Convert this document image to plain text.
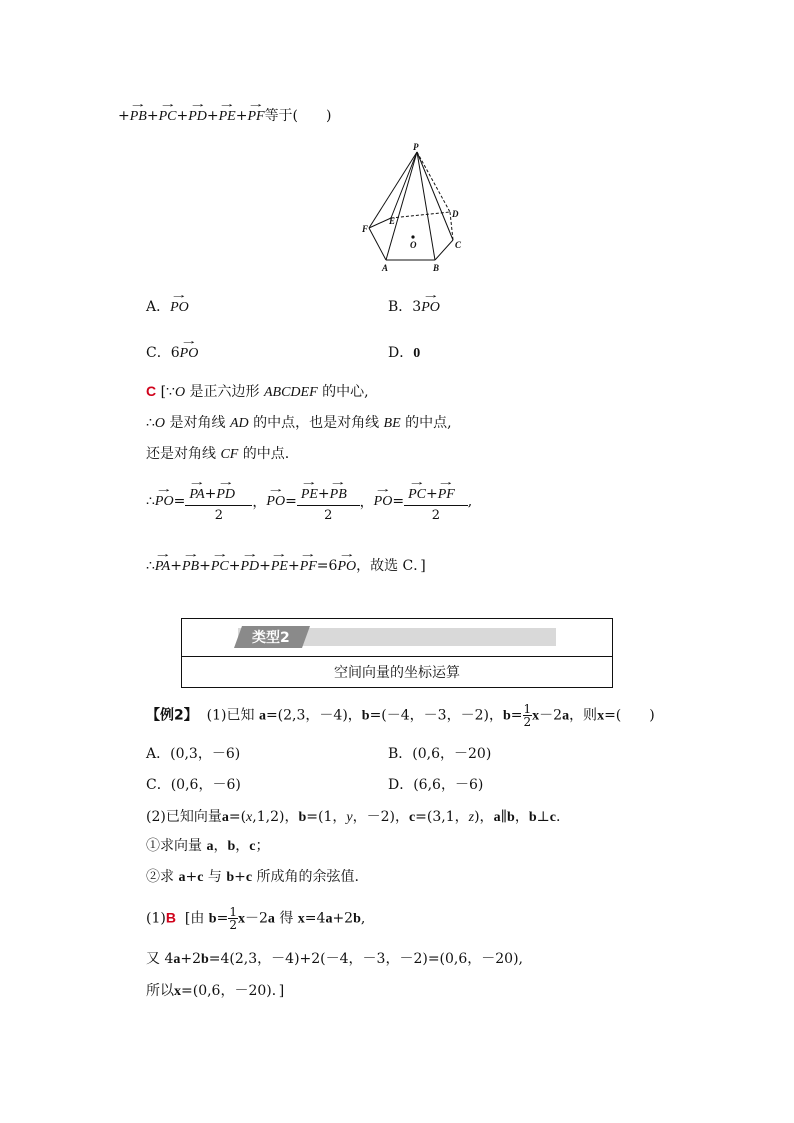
+→ PB+→ PC+→ PD+→ PE+→ PF等于(　　)
P
A	B
C
D
E
F
O
A．→ PO	B．3→ PO
C．6→ PO	D．0
C [∵O 是正六边形 ABCDEF 的中心,
∴O 是对角线 AD 的中点，也是对角线 BE 的中点,
还是对角线 CF 的中点.
∴→ PO=
→ $\frac{PA+\to PD}{2}$ ，→ PO=
→ $\frac{PE+\to PB}{2}$ ，→ PO=
→ $\frac{PC+\to PF}{2}$ ,
∴→ PA+→ PB+→ PC+→ PD+→ PE+→ PF=6→ PO，故选 C．]
类型2
空间向量的坐标运算
【例2】 (1)已知 a=(2,3，－4)，b=(－4，－3，－2)，$b= \frac{1}{2} x-2a$，则x=(　　)
A．(0,3，－6)	B．(0,6，－20)
C．(0,6，－6)	D．(6,6，－6)
(2)已知向量a=(x,1,2)，b=(1，y，－2)，c=(3,1，z)，a∥b，b⊥c.
①求向量 a，b，c；
②求 a+c 与 b+c 所成角的余弦值.
(1)B [由 $b= \frac{1}{2} x-2a$ 得 x=4a+2b,
又 4a+2b=4(2,3，－4)+2(－4，－3，－2)=(0,6，－20),
所以x=(0,6，－20)．]
